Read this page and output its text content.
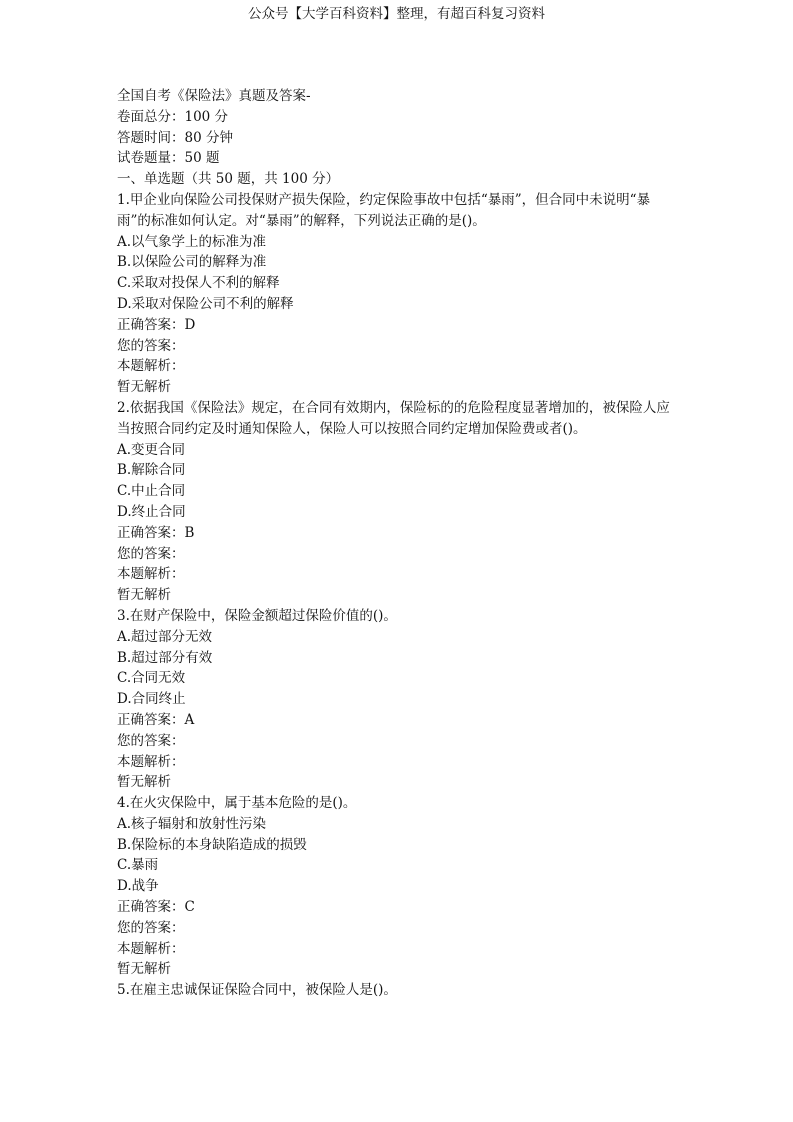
公众号【大学百科资料】整理，有超百科复习资料
全国自考《保险法》真题及答案-
卷面总分：100 分
答题时间：80 分钟
试卷题量：50 题
一、单选题（共 50 题，共 100 分）
1.甲企业向保险公司投保财产损失保险，约定保险事故中包括“暴雨”，但合同中未说明“暴雨”的标准如何认定。对“暴雨”的解释，下列说法正确的是()。
A.以气象学上的标准为准
B.以保险公司的解释为准
C.采取对投保人不利的解释
D.采取对保险公司不利的解释
正确答案：D
您的答案：
本题解析：
暂无解析
2.依据我国《保险法》规定，在合同有效期内，保险标的的危险程度显著增加的，被保险人应当按照合同约定及时通知保险人，保险人可以按照合同约定增加保险费或者()。
A.变更合同
B.解除合同
C.中止合同
D.终止合同
正确答案：B
您的答案：
本题解析：
暂无解析
3.在财产保险中，保险金额超过保险价值的()。
A.超过部分无效
B.超过部分有效
C.合同无效
D.合同终止
正确答案：A
您的答案：
本题解析：
暂无解析
4.在火灾保险中，属于基本危险的是()。
A.核子辐射和放射性污染
B.保险标的本身缺陷造成的损毁
C.暴雨
D.战争
正确答案：C
您的答案：
本题解析：
暂无解析
5.在雇主忠诚保证保险合同中，被保险人是()。
